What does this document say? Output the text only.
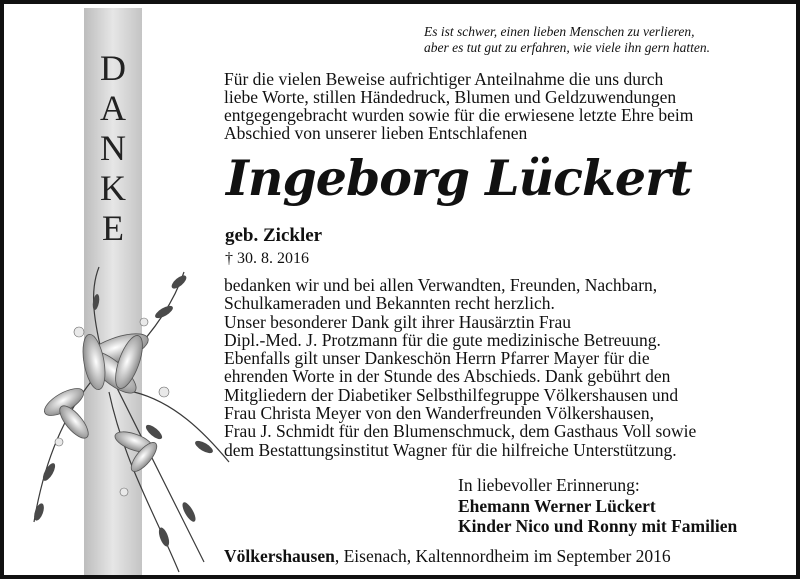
D
A
N
K
E
Es ist schwer, einen lieben Menschen zu verlieren,
aber es tut gut zu erfahren, wie viele ihn gern hatten.
Für die vielen Beweise aufrichtiger Anteilnahme die uns durch
liebe Worte, stillen Händedruck, Blumen und Geldzuwendungen
entgegengebracht wurden sowie für die erwiesene letzte Ehre beim
Abschied von unserer lieben Entschlafenen
Ingeborg Lückert
geb. Zickler
† 30. 8. 2016
bedanken wir und bei allen Verwandten, Freunden, Nachbarn,
Schulkameraden und Bekannten recht herzlich.
Unser besonderer Dank gilt ihrer Hausärztin Frau
Dipl.-Med. J. Protzmann für die gute medizinische Betreuung.
Ebenfalls gilt unser Dankeschön Herrn Pfarrer Mayer für die
ehrenden Worte in der Stunde des Abschieds. Dank gebührt den
Mitgliedern der Diabetiker Selbsthilfegruppe Völkershausen und
Frau Christa Meyer von den Wanderfreunden Völkershausen,
Frau J. Schmidt für den Blumenschmuck, dem Gasthaus Voll sowie
dem Bestattungsinstitut Wagner für die hilfreiche Unterstützung.
In liebevoller Erinnerung:
Ehemann Werner Lückert
Kinder Nico und Ronny mit Familien
Völkershausen, Eisenach, Kaltennordheim im September 2016
